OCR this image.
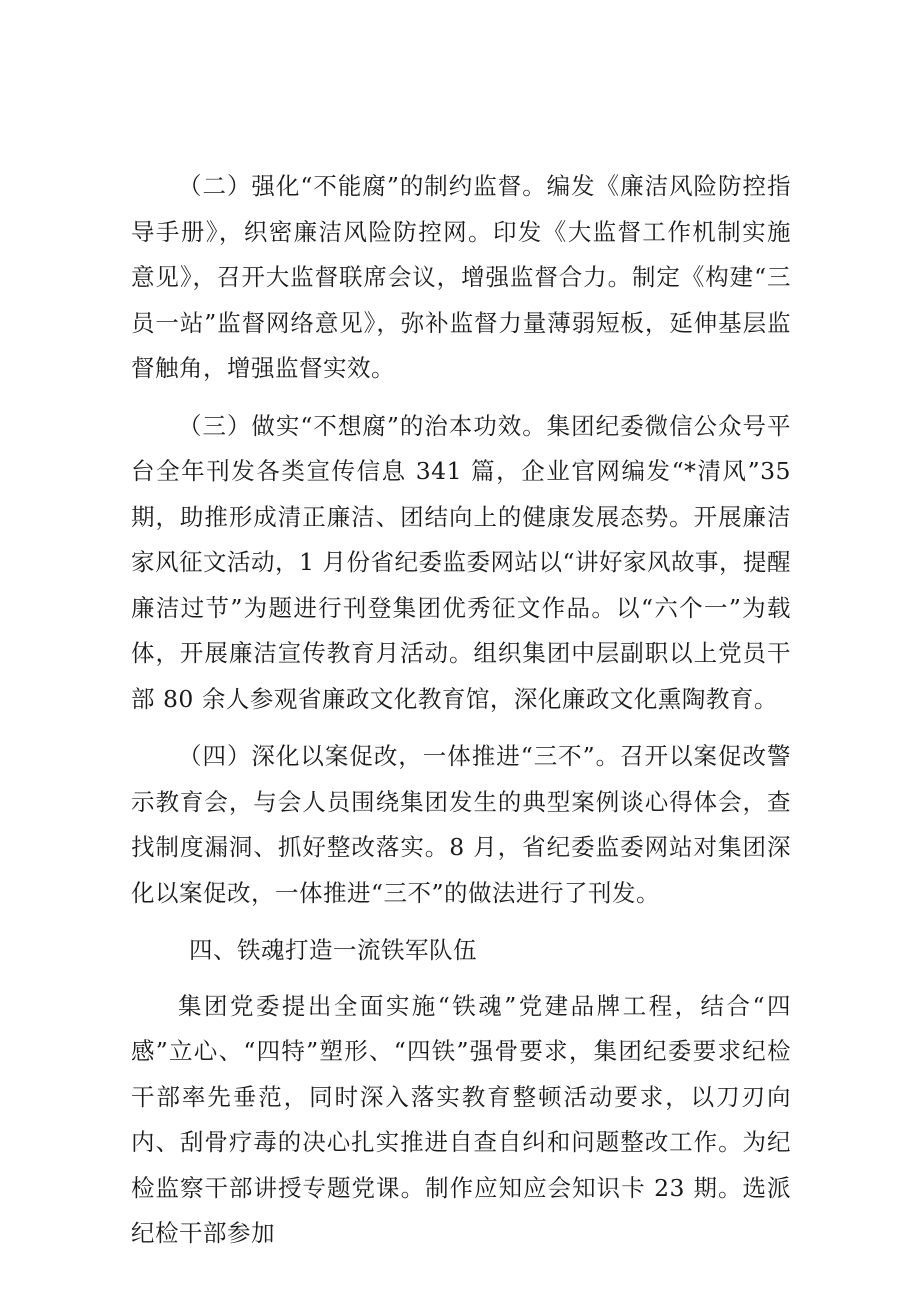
（二）强化“不能腐”的制约监督。编发《廉洁风险防控指导手册》，织密廉洁风险防控网。印发《大监督工作机制实施意见》，召开大监督联席会议，增强监督合力。制定《构建“三员一站”监督网络意见》，弥补监督力量薄弱短板，延伸基层监督触角，增强监督实效。

（三）做实“不想腐”的治本功效。集团纪委微信公众号平台全年刊发各类宣传信息 341 篇，企业官网编发“*清风”35 期，助推形成清正廉洁、团结向上的健康发展态势。开展廉洁家风征文活动，1 月份省纪委监委网站以“讲好家风故事，提醒廉洁过节”为题进行刊登集团优秀征文作品。以“六个一”为载体，开展廉洁宣传教育月活动。组织集团中层副职以上党员干部 80 余人参观省廉政文化教育馆，深化廉政文化熏陶教育。

（四）深化以案促改，一体推进“三不”。召开以案促改警示教育会，与会人员围绕集团发生的典型案例谈心得体会，查找制度漏洞、抓好整改落实。8 月，省纪委监委网站对集团深化以案促改，一体推进“三不”的做法进行了刊发。

四、铁魂打造一流铁军队伍

集团党委提出全面实施“铁魂”党建品牌工程，结合“四感”立心、“四特”塑形、“四铁”强骨要求，集团纪委要求纪检干部率先垂范，同时深入落实教育整顿活动要求，以刀刃向内、刮骨疗毒的决心扎实推进自查自纠和问题整改工作。为纪检监察干部讲授专题党课。制作应知应会知识卡 23 期。选派纪检干部参加
